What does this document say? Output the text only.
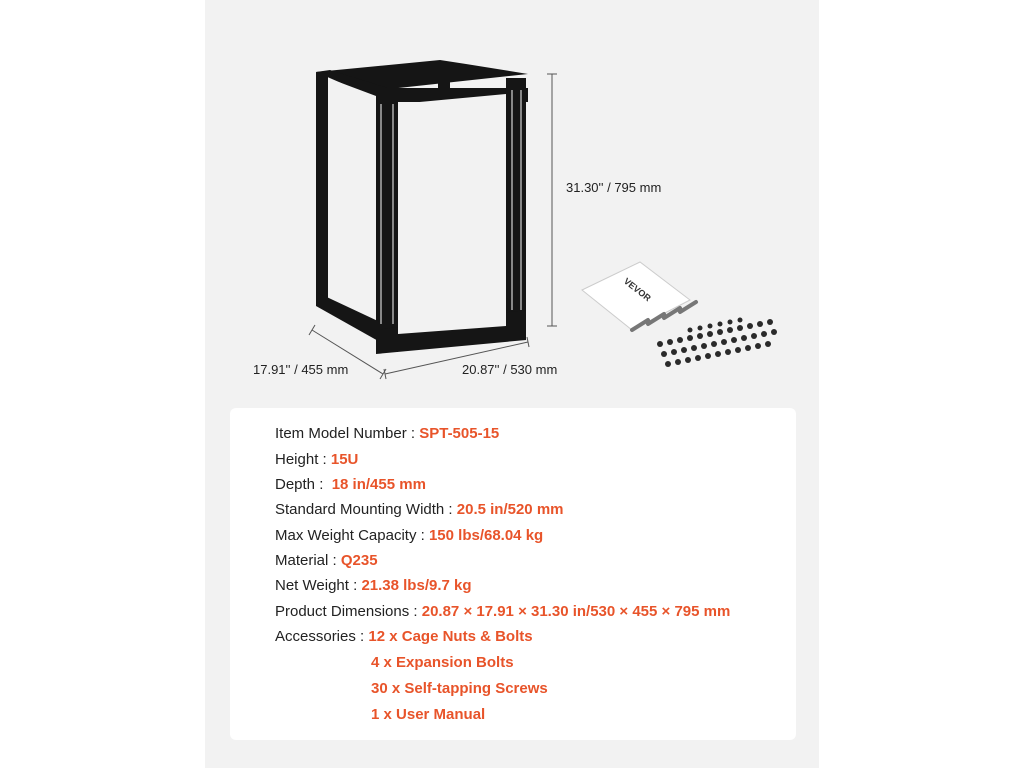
VEVOR
31.30'' / 795 mm
17.91'' / 455 mm	20.87'' / 530 mm
Item Model Number : SPT-505-15
Height : 15U
Depth :  18 in/455 mm
Standard Mounting Width : 20.5 in/520 mm
Max Weight Capacity : 150 lbs/68.04 kg
Material : Q235
Net Weight : 21.38 lbs/9.7 kg
Product Dimensions : 20.87 × 17.91 × 31.30 in/530 × 455 × 795 mm
Accessories : 12 x Cage Nuts & Bolts
4 x Expansion Bolts
30 x Self-tapping Screws
1 x User Manual
